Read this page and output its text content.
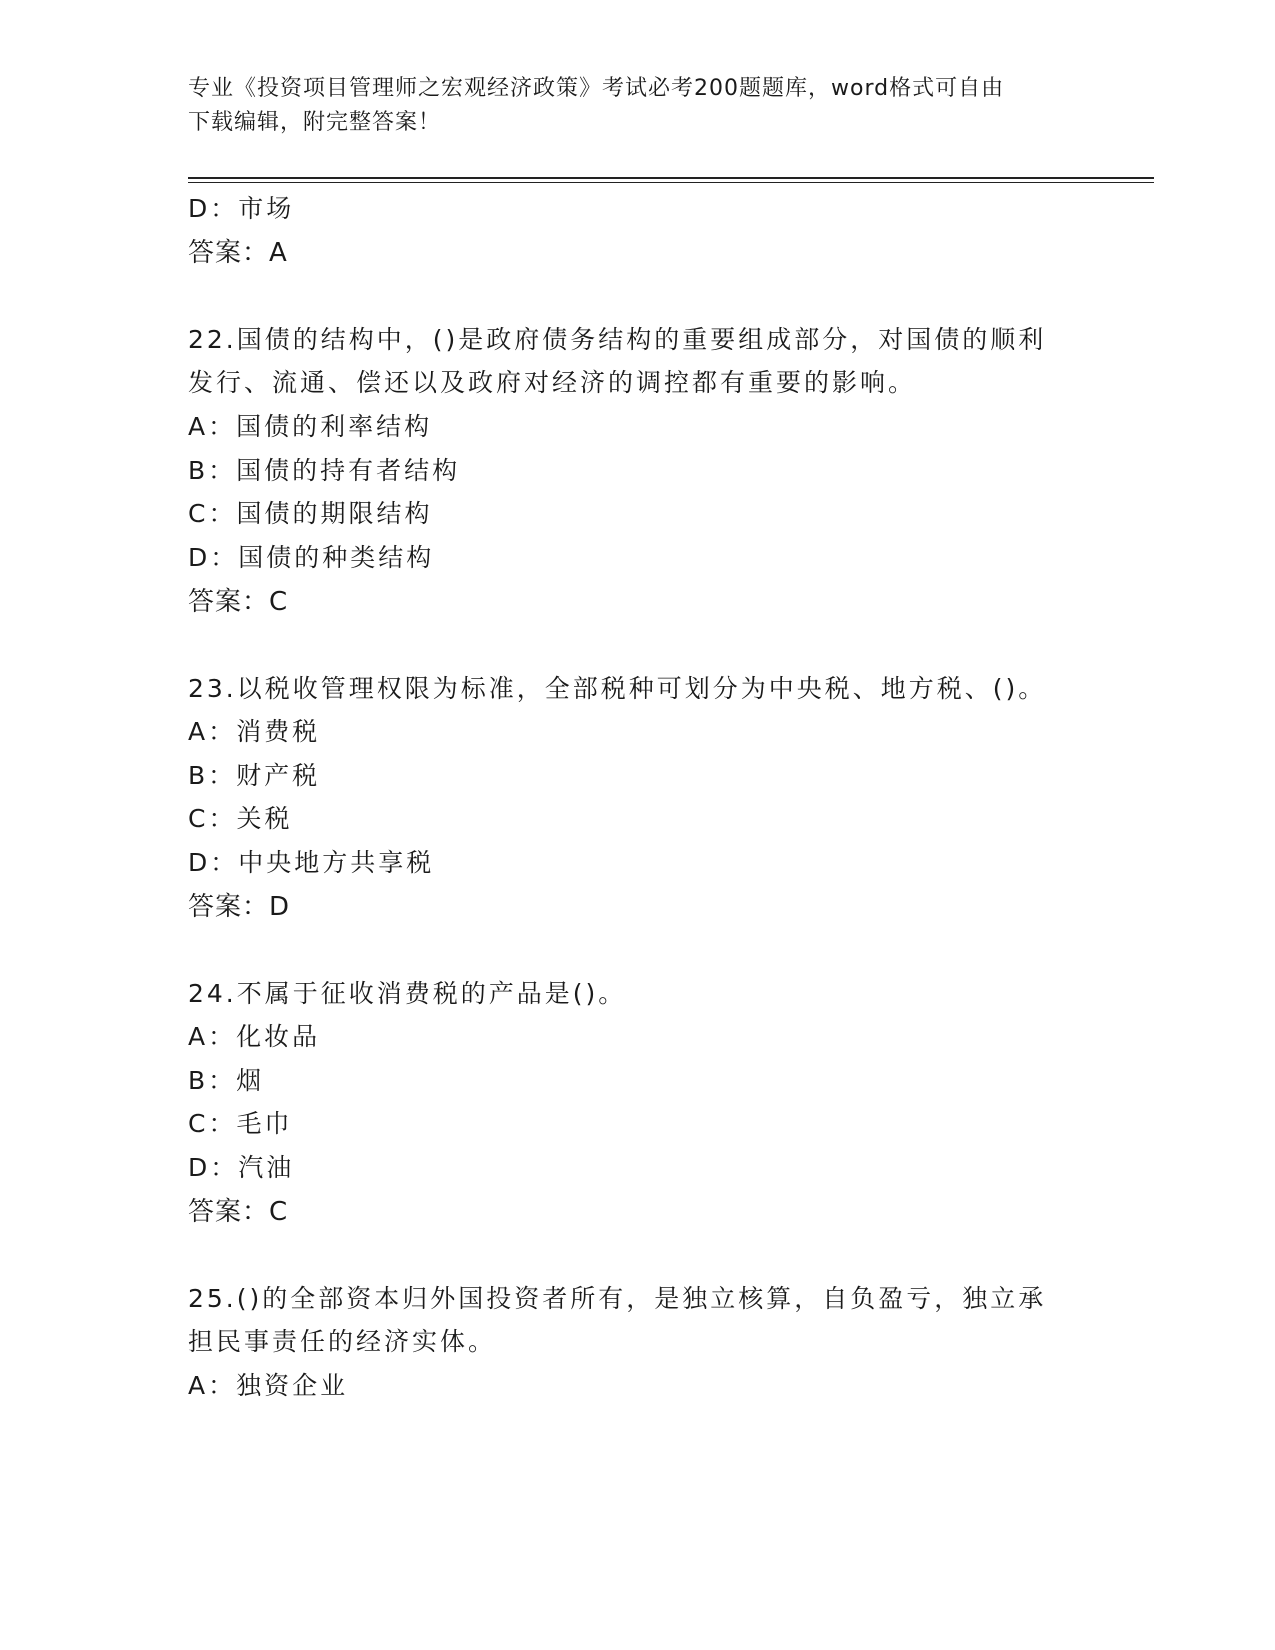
专业《投资项目管理师之宏观经济政策》考试必考200题题库，word格式可自由
下载编辑，附完整答案！
D：市场
答案：A
22.国债的结构中，()是政府债务结构的重要组成部分，对国债的顺利
发行、流通、偿还以及政府对经济的调控都有重要的影响。
A：国债的利率结构
B：国债的持有者结构
C：国债的期限结构
D：国债的种类结构
答案：C
23.以税收管理权限为标准，全部税种可划分为中央税、地方税、()。
A：消费税
B：财产税
C：关税
D：中央地方共享税
答案：D
24.不属于征收消费税的产品是()。
A：化妆品
B：烟
C：毛巾
D：汽油
答案：C
25.()的全部资本归外国投资者所有，是独立核算，自负盈亏，独立承
担民事责任的经济实体。
A：独资企业
